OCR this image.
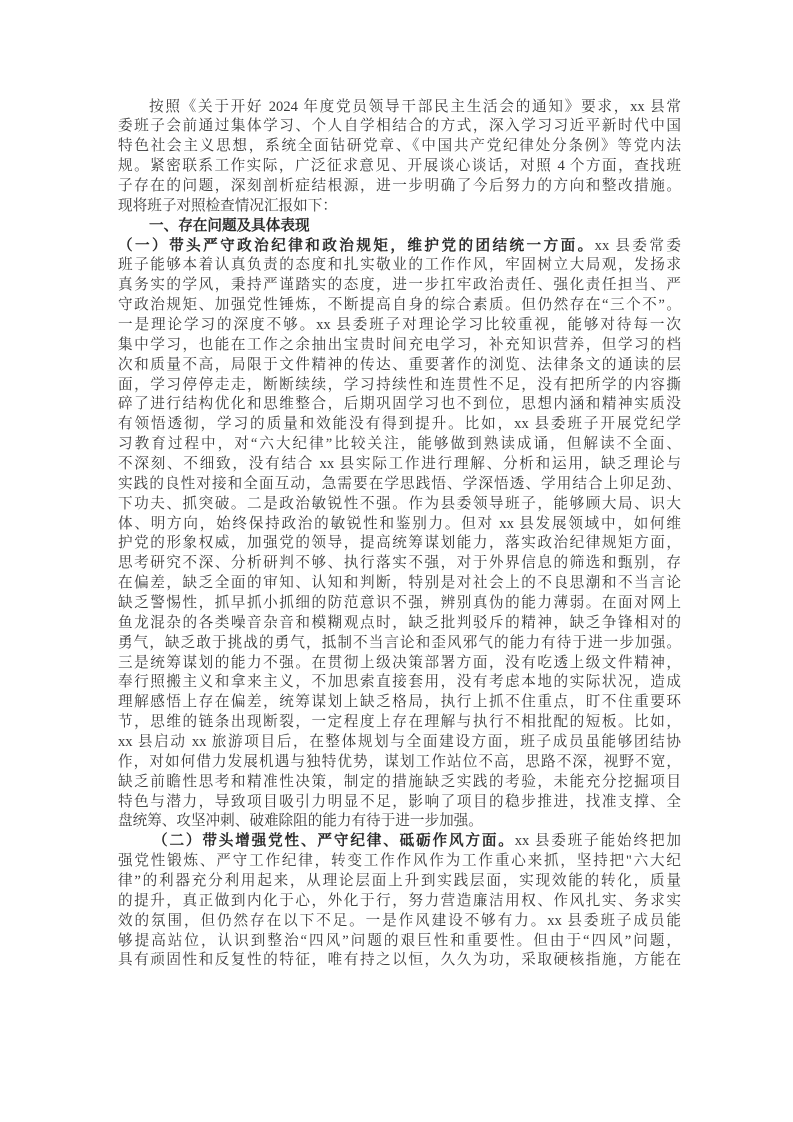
按照《关于开好 2024 年度党员领导干部民主生活会的通知》要求，xx 县常
委班子会前通过集体学习、个人自学相结合的方式，深入学习习近平新时代中国
特色社会主义思想，系统全面钻研党章、《中国共产党纪律处分条例》等党内法
规。紧密联系工作实际，广泛征求意见、开展谈心谈话，对照 4 个方面，查找班
子存在的问题，深刻剖析症结根源，进一步明确了今后努力的方向和整改措施。
现将班子对照检查情况汇报如下：
一、存在问题及具体表现
（一）带头严守政治纪律和政治规矩，维护党的团结统一方面。xx 县委常委
班子能够本着认真负责的态度和扎实敬业的工作作风，牢固树立大局观，发扬求
真务实的学风，秉持严谨踏实的态度，进一步扛牢政治责任、强化责任担当、严
守政治规矩、加强党性锤炼，不断提高自身的综合素质。但仍然存在“三个不”。
一是理论学习的深度不够。xx 县委班子对理论学习比较重视，能够对待每一次
集中学习，也能在工作之余抽出宝贵时间充电学习，补充知识营养，但学习的档
次和质量不高，局限于文件精神的传达、重要著作的浏览、法律条文的通读的层
面，学习停停走走，断断续续，学习持续性和连贯性不足，没有把所学的内容撕
碎了进行结构优化和思维整合，后期巩固学习也不到位，思想内涵和精神实质没
有领悟透彻，学习的质量和效能没有得到提升。比如，xx 县委班子开展党纪学
习教育过程中，对“六大纪律”比较关注，能够做到熟读成诵，但解读不全面、
不深刻、不细致，没有结合 xx 县实际工作进行理解、分析和运用，缺乏理论与
实践的良性对接和全面互动，急需要在学思践悟、学深悟透、学用结合上卯足劲、
下功夫、抓突破。二是政治敏锐性不强。作为县委领导班子，能够顾大局、识大
体、明方向，始终保持政治的敏锐性和鉴别力。但对 xx 县发展领域中，如何维
护党的形象权威，加强党的领导，提高统筹谋划能力，落实政治纪律规矩方面，
思考研究不深、分析研判不够、执行落实不强，对于外界信息的筛选和甄别，存
在偏差，缺乏全面的审知、认知和判断，特别是对社会上的不良思潮和不当言论
缺乏警惕性，抓早抓小抓细的防范意识不强，辨别真伪的能力薄弱。在面对网上
鱼龙混杂的各类噪音杂音和模糊观点时，缺乏批判驳斥的精神，缺乏争锋相对的
勇气，缺乏敢于挑战的勇气，抵制不当言论和歪风邪气的能力有待于进一步加强。
三是统筹谋划的能力不强。在贯彻上级决策部署方面，没有吃透上级文件精神，
奉行照搬主义和拿来主义，不加思索直接套用，没有考虑本地的实际状况，造成
理解感悟上存在偏差，统筹谋划上缺乏格局，执行上抓不住重点，盯不住重要环
节，思维的链条出现断裂，一定程度上存在理解与执行不相批配的短板。比如，
xx 县启动 xx 旅游项目后，在整体规划与全面建设方面，班子成员虽能够团结协
作，对如何借力发展机遇与独特优势，谋划工作站位不高，思路不深，视野不宽，
缺乏前瞻性思考和精准性决策，制定的措施缺乏实践的考验，未能充分挖掘项目
特色与潜力，导致项目吸引力明显不足，影响了项目的稳步推进，找准支撑、全
盘统筹、攻坚冲刺、破难除阻的能力有待于进一步加强。
（二）带头增强党性、严守纪律、砥砺作风方面。xx 县委班子能始终把加
强党性锻炼、严守工作纪律，转变工作作风作为工作重心来抓，坚持把"六大纪
律”的利器充分利用起来，从理论层面上升到实践层面，实现效能的转化，质量
的提升，真正做到内化于心，外化于行，努力营造廉洁用权、作风扎实、务求实
效的氛围，但仍然存在以下不足。一是作风建设不够有力。xx 县委班子成员能
够提高站位，认识到整治“四风”问题的艰巨性和重要性。但由于“四风”问题，
具有顽固性和反复性的特征，唯有持之以恒，久久为功，采取硬核指施，方能在
